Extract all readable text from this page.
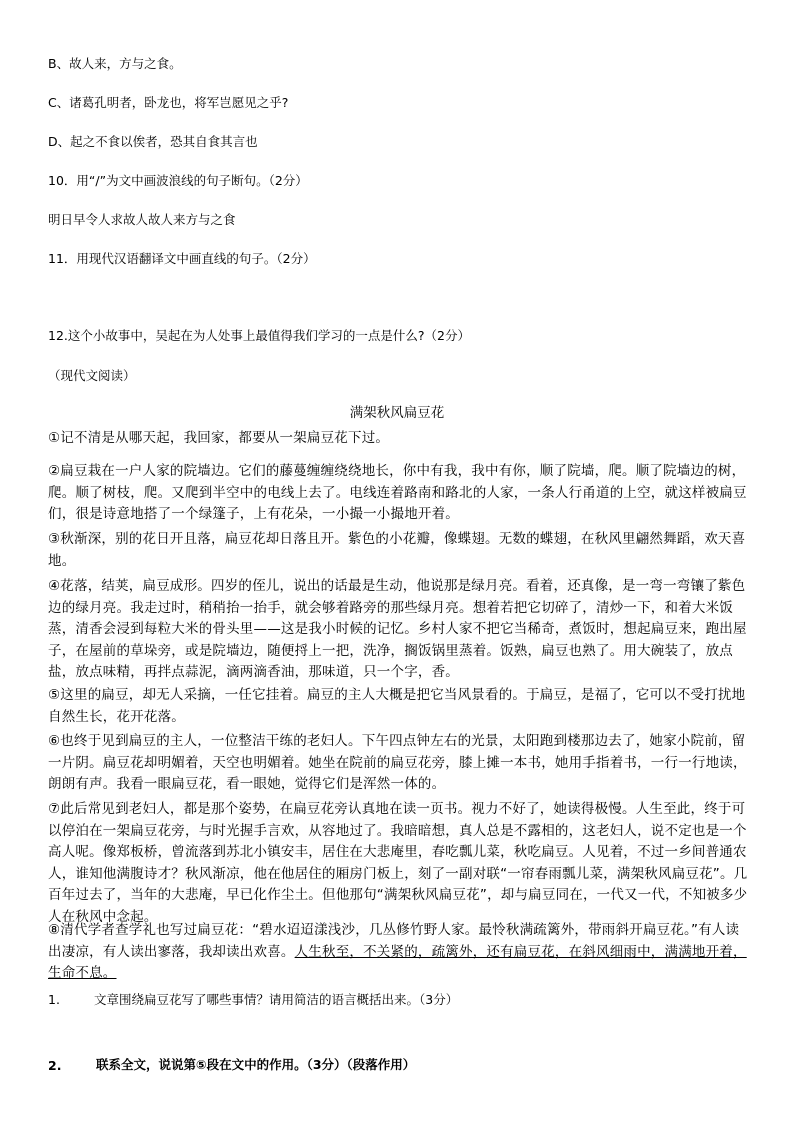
B、故人来，方与之食。
C、诸葛孔明者，卧龙也，将军岂愿见之乎?
D、起之不食以俟者，恐其自食其言也
10．用“/”为文中画波浪线的句子断句。（2分）
明日早令人求故人故人来方与之食
11．用现代汉语翻译文中画直线的句子。（2分）
12.这个小故事中，吴起在为人处事上最值得我们学习的一点是什么?（2分）
（现代文阅读）
满架秋风扁豆花
①记不清是从哪天起，我回家，都要从一架扁豆花下过。
②扁豆栽在一户人家的院墙边。它们的藤蔓缠缠绕绕地长，你中有我，我中有你，顺了院墙，爬。顺了院墙边的树，爬。顺了树枝，爬。又爬到半空中的电线上去了。电线连着路南和路北的人家，一条人行甬道的上空，就这样被扁豆们，很是诗意地搭了一个绿篷子，上有花朵，一小撮一小撮地开着。
③秋渐深，别的花日开且落，扁豆花却日落且开。紫色的小花瓣，像蝶翅。无数的蝶翅，在秋风里翩然舞蹈，欢天喜地。
④花落，结荚，扁豆成形。四岁的侄儿，说出的话最是生动，他说那是绿月亮。看着，还真像，是一弯一弯镶了紫色边的绿月亮。我走过时，稍稍抬一抬手，就会够着路旁的那些绿月亮。想着若把它切碎了，清炒一下，和着大米饭蒸，清香会浸到每粒大米的骨头里——这是我小时候的记忆。乡村人家不把它当稀奇，煮饭时，想起扁豆来，跑出屋子，在屋前的草垛旁，或是院墙边，随便捋上一把，洗净，搁饭锅里蒸着。饭熟，扁豆也熟了。用大碗装了，放点盐，放点味精，再拌点蒜泥，滴两滴香油，那味道，只一个字，香。
⑤这里的扁豆，却无人采摘，一任它挂着。扁豆的主人大概是把它当风景看的。于扁豆，是福了，它可以不受打扰地自然生长，花开花落。
⑥也终于见到扁豆的主人，一位整洁干练的老妇人。下午四点钟左右的光景，太阳跑到楼那边去了，她家小院前，留一片阴。扁豆花却明媚着，天空也明媚着。她坐在院前的扁豆花旁，膝上摊一本书，她用手指着书，一行一行地读，朗朗有声。我看一眼扁豆花，看一眼她，觉得它们是浑然一体的。
⑦此后常见到老妇人，都是那个姿势，在扁豆花旁认真地在读一页书。视力不好了，她读得极慢。人生至此，终于可以停泊在一架扁豆花旁，与时光握手言欢，从容地过了。我暗暗想，真人总是不露相的，这老妇人，说不定也是一个高人呢。像郑板桥，曾流落到苏北小镇安丰，居住在大悲庵里，春吃瓢儿菜，秋吃扁豆。人见着，不过一乡间普通农人，谁知他满腹诗才？秋风渐凉，他在他居住的厢房门板上，刻了一副对联“一帘春雨瓢儿菜，满架秋风扁豆花”。几百年过去了，当年的大悲庵，早已化作尘土。但他那句“满架秋风扁豆花”，却与扁豆同在，一代又一代，不知被多少人在秋风中念起。
⑧清代学者查学礼也写过扁豆花：“碧水迢迢漾浅沙，几丛修竹野人家。最怜秋满疏篱外，带雨斜开扁豆花。”有人读出凄凉，有人读出寥落，我却读出欢喜。人生秋至，不关紧的，疏篱外，还有扁豆花，在斜风细雨中，满满地开着，生命不息。
1.	文章围绕扁豆花写了哪些事情？请用简洁的语言概括出来。（3分）
2.	联系全文，说说第⑤段在文中的作用。（3分）（段落作用）
